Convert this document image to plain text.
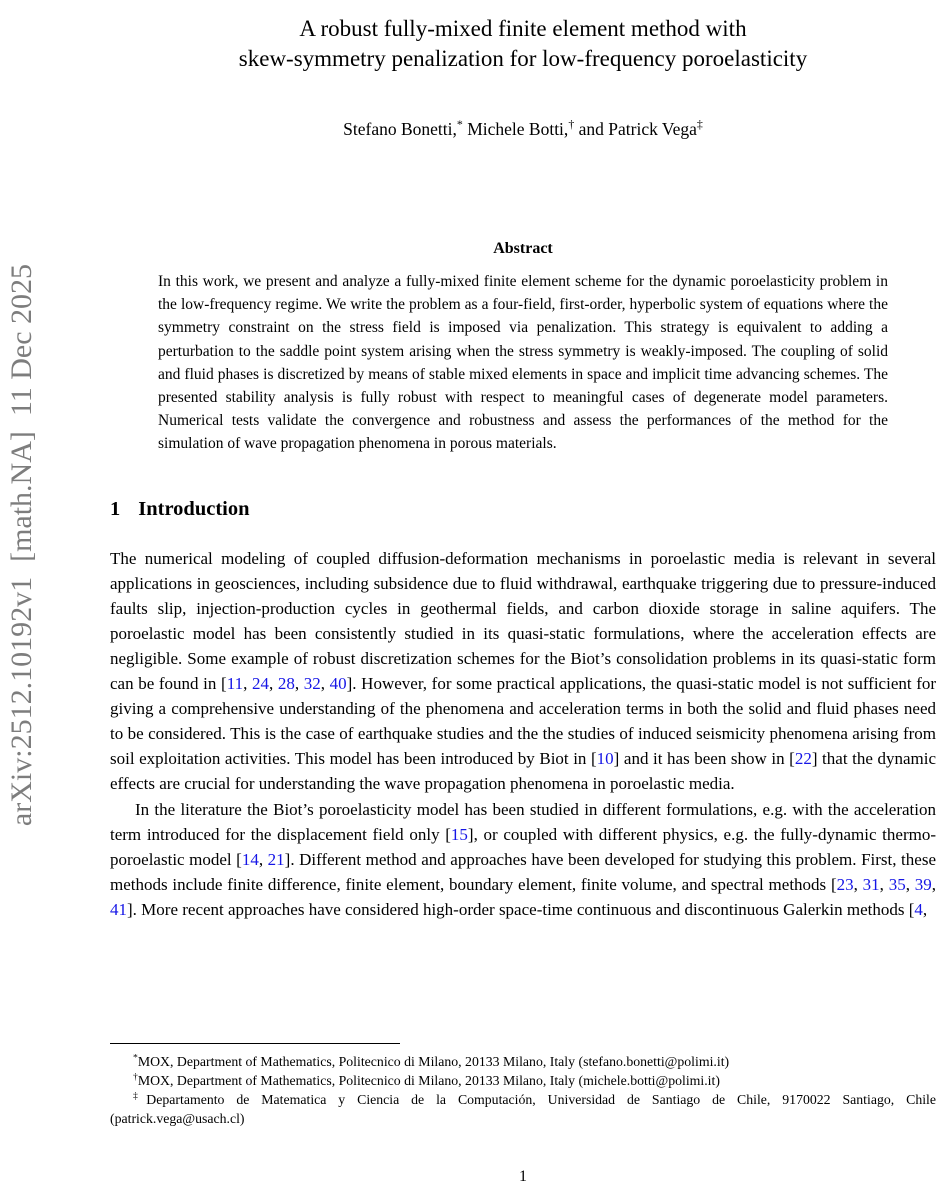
arXiv:2512.10192v1  [math.NA]  11 Dec 2025
A robust fully-mixed finite element method with
skew-symmetry penalization for low-frequency poroelasticity
Stefano Bonetti,* Michele Botti,† and Patrick Vega‡
Abstract

In this work, we present and analyze a fully-mixed finite element scheme for the dynamic poroelasticity problem in the low-frequency regime. We write the problem as a four-field, first-order, hyperbolic system of equations where the symmetry constraint on the stress field is imposed via penalization. This strategy is equivalent to adding a perturbation to the saddle point system arising when the stress symmetry is weakly-imposed. The coupling of solid and fluid phases is discretized by means of stable mixed elements in space and implicit time advancing schemes. The presented stability analysis is fully robust with respect to meaningful cases of degenerate model parameters. Numerical tests validate the convergence and robustness and assess the performances of the method for the simulation of wave propagation phenomena in porous materials.

1 Introduction

The numerical modeling of coupled diffusion-deformation mechanisms in poroelastic media is relevant in several applications in geosciences, including subsidence due to fluid withdrawal, earthquake triggering due to pressure-induced faults slip, injection-production cycles in geothermal fields, and carbon dioxide storage in saline aquifers. The poroelastic model has been consistently studied in its quasi-static formulations, where the acceleration effects are negligible. Some example of robust discretization schemes for the Biot’s consolidation problems in its quasi-static form can be found in [11, 24, 28, 32, 40]. However, for some practical applications, the quasi-static model is not sufficient for giving a comprehensive understanding of the phenomena and acceleration terms in both the solid and fluid phases need to be considered. This is the case of earthquake studies and the the studies of induced seismicity phenomena arising from soil exploitation activities. This model has been introduced by Biot in [10] and it has been show in [22] that the dynamic effects are crucial for understanding the wave propagation phenomena in poroelastic media.

In the literature the Biot’s poroelasticity model has been studied in different formulations, e.g. with the acceleration term introduced for the displacement field only [15], or coupled with different physics, e.g. the fully-dynamic thermo-poroelastic model [14, 21]. Different method and approaches have been developed for studying this problem. First, these methods include finite difference, finite element, boundary element, finite volume, and spectral methods [23, 31, 35, 39, 41]. More recent approaches have considered high-order space-time continuous and discontinuous Galerkin methods [4,

*MOX, Department of Mathematics, Politecnico di Milano, 20133 Milano, Italy (stefano.bonetti@polimi.it)

†MOX, Department of Mathematics, Politecnico di Milano, 20133 Milano, Italy (michele.botti@polimi.it)

‡Departamento de Matematica y Ciencia de la Computación, Universidad de Santiago de Chile, 9170022 Santiago, Chile (patrick.vega@usach.cl)

1
